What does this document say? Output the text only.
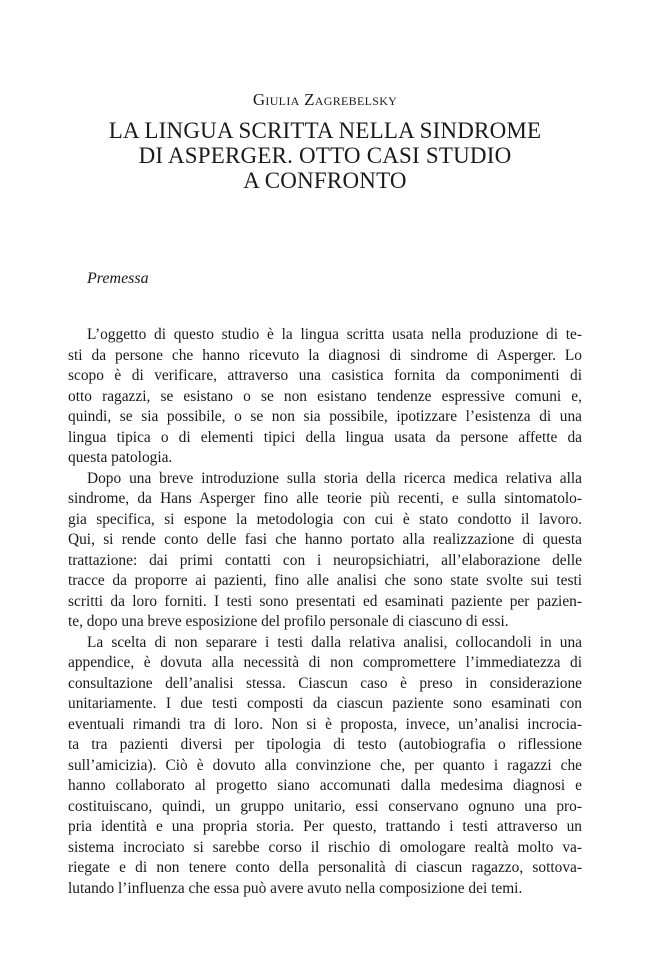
Giulia Zagrebelsky
LA LINGUA SCRITTA NELLA SINDROME
DI ASPERGER. OTTO CASI STUDIO
A CONFRONTO
Premessa
L’oggetto di questo studio è la lingua scritta usata nella produzione di te-
sti da persone che hanno ricevuto la diagnosi di sindrome di Asperger. Lo
scopo è di verificare, attraverso una casistica fornita da componimenti di
otto ragazzi, se esistano o se non esistano tendenze espressive comuni e,
quindi, se sia possibile, o se non sia possibile, ipotizzare l’esistenza di una
lingua tipica o di elementi tipici della lingua usata da persone affette da
questa patologia.
Dopo una breve introduzione sulla storia della ricerca medica relativa alla
sindrome, da Hans Asperger fino alle teorie più recenti, e sulla sintomatolo-
gia specifica, si espone la metodologia con cui è stato condotto il lavoro.
Qui, si rende conto delle fasi che hanno portato alla realizzazione di questa
trattazione: dai primi contatti con i neuropsichiatri, all’elaborazione delle
tracce da proporre ai pazienti, fino alle analisi che sono state svolte sui testi
scritti da loro forniti. I testi sono presentati ed esaminati paziente per pazien-
te, dopo una breve esposizione del profilo personale di ciascuno di essi.
La scelta di non separare i testi dalla relativa analisi, collocandoli in una
appendice, è dovuta alla necessità di non compromettere l’immediatezza di
consultazione dell’analisi stessa. Ciascun caso è preso in considerazione
unitariamente. I due testi composti da ciascun paziente sono esaminati con
eventuali rimandi tra di loro. Non si è proposta, invece, un’analisi incrocia-
ta tra pazienti diversi per tipologia di testo (autobiografia o riflessione
sull’amicizia). Ciò è dovuto alla convinzione che, per quanto i ragazzi che
hanno collaborato al progetto siano accomunati dalla medesima diagnosi e
costituiscano, quindi, un gruppo unitario, essi conservano ognuno una pro-
pria identità e una propria storia. Per questo, trattando i testi attraverso un
sistema incrociato si sarebbe corso il rischio di omologare realtà molto va-
riegate e di non tenere conto della personalità di ciascun ragazzo, sottova-
lutando l’influenza che essa può avere avuto nella composizione dei temi.
